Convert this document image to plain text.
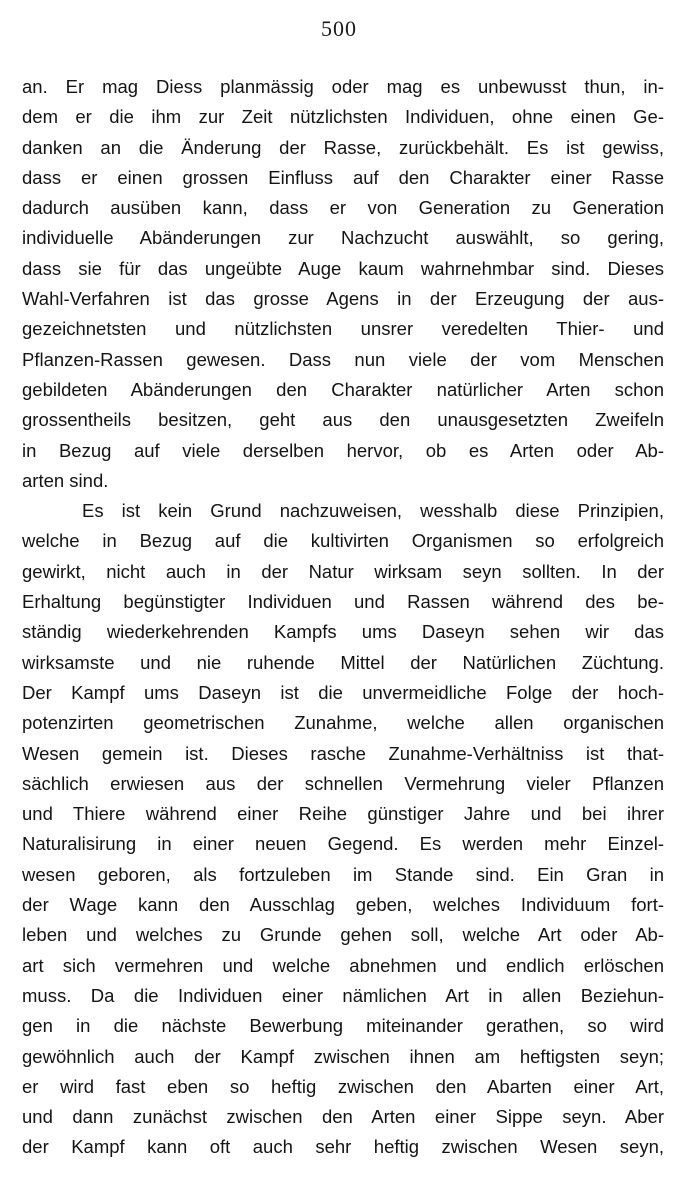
500
an. Er mag Diess planmässig oder mag es unbewusst thun, in-
dem er die ihm zur Zeit nützlichsten Individuen, ohne einen Ge-
danken an die Änderung der Rasse, zurückbehält. Es ist gewiss,
dass er einen grossen Einfluss auf den Charakter einer Rasse
dadurch ausüben kann, dass er von Generation zu Generation
individuelle Abänderungen zur Nachzucht auswählt, so gering,
dass sie für das ungeübte Auge kaum wahrnehmbar sind. Dieses
Wahl-Verfahren ist das grosse Agens in der Erzeugung der aus-
gezeichnetsten und nützlichsten unsrer veredelten Thier- und
Pflanzen-Rassen gewesen. Dass nun viele der vom Menschen
gebildeten Abänderungen den Charakter natürlicher Arten schon
grossentheils besitzen, geht aus den unausgesetzten Zweifeln
in Bezug auf viele derselben hervor, ob es Arten oder Ab-
arten sind.
Es ist kein Grund nachzuweisen, wesshalb diese Prinzipien,
welche in Bezug auf die kultivirten Organismen so erfolgreich
gewirkt, nicht auch in der Natur wirksam seyn sollten. In der
Erhaltung begünstigter Individuen und Rassen während des be-
ständig wiederkehrenden Kampfs ums Daseyn sehen wir das
wirksamste und nie ruhende Mittel der Natürlichen Züchtung.
Der Kampf ums Daseyn ist die unvermeidliche Folge der hoch-
potenzirten geometrischen Zunahme, welche allen organischen
Wesen gemein ist. Dieses rasche Zunahme-Verhältniss ist that-
sächlich erwiesen aus der schnellen Vermehrung vieler Pflanzen
und Thiere während einer Reihe günstiger Jahre und bei ihrer
Naturalisirung in einer neuen Gegend. Es werden mehr Einzel-
wesen geboren, als fortzuleben im Stande sind. Ein Gran in
der Wage kann den Ausschlag geben, welches Individuum fort-
leben und welches zu Grunde gehen soll, welche Art oder Ab-
art sich vermehren und welche abnehmen und endlich erlöschen
muss. Da die Individuen einer nämlichen Art in allen Beziehun-
gen in die nächste Bewerbung miteinander gerathen, so wird
gewöhnlich auch der Kampf zwischen ihnen am heftigsten seyn;
er wird fast eben so heftig zwischen den Abarten einer Art,
und dann zunächst zwischen den Arten einer Sippe seyn. Aber
der Kampf kann oft auch sehr heftig zwischen Wesen seyn,
